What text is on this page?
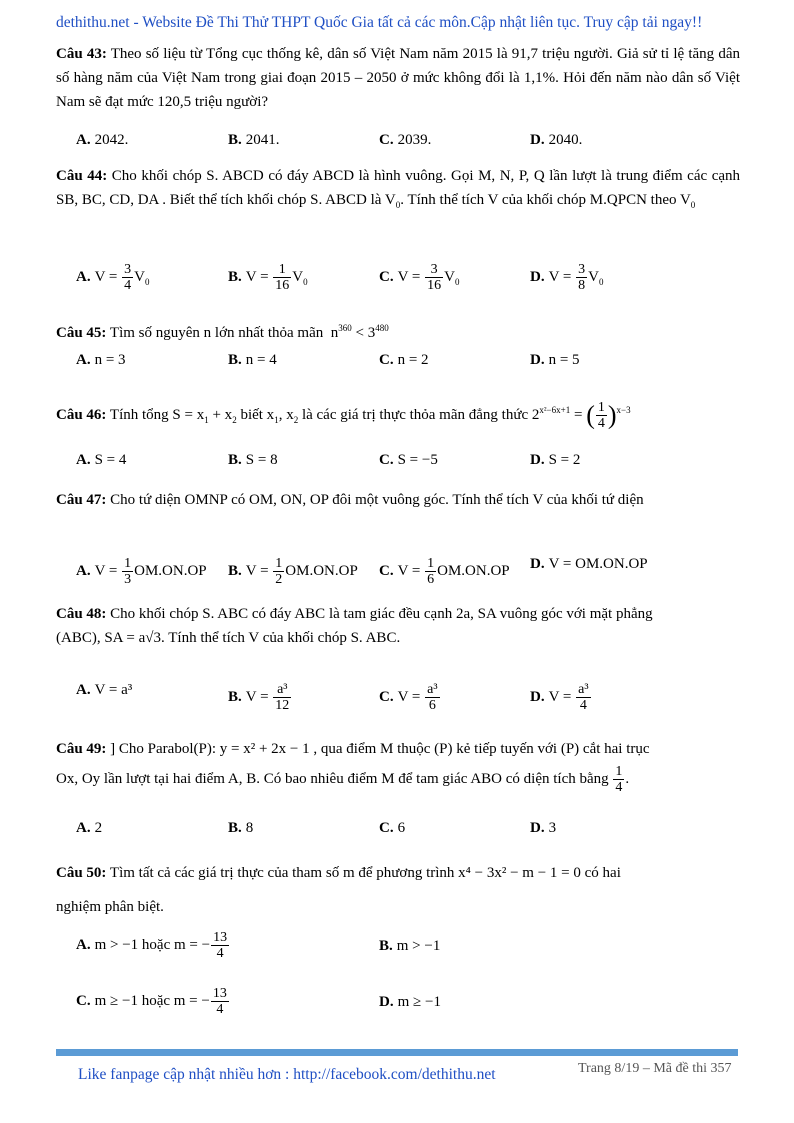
dethithu.net - Website Đề Thi Thử THPT Quốc Gia tất cả các môn.Cập nhật liên tục. Truy cập tải ngay!!
Câu 43: Theo số liệu từ Tổng cục thống kê, dân số Việt Nam năm 2015 là 91,7 triệu người. Giả sử tỉ lệ tăng dân số hàng năm của Việt Nam trong giai đoạn 2015 – 2050 ở mức không đổi là 1,1%. Hỏi đến năm nào dân số Việt Nam sẽ đạt mức 120,5 triệu người?
A. 2042.	B. 2041.	C. 2039.	D. 2040.
Câu 44: Cho khối chóp S. ABCD có đáy ABCD là hình vuông. Gọi M, N, P, Q lần lượt là trung điểm các cạnh SB, BC, CD, DA . Biết thể tích khối chóp S. ABCD là $V_0$. Tính thể tích V của khối chóp M.QPCN theo $V_0$
A. $V = \frac{3}{4} V_0$	B. $V = \frac{1}{16} V_0$	C. $V = \frac{3}{16} V_0$	D. $V = \frac{3}{8} V_0$
Câu 45: Tìm số nguyên n lớn nhất thỏa mãn  $n^{360} < 3^{480}$
A. n = 3	B. n = 4	C. n = 2	D. n = 5
Câu 46: Tính tổng $S = x_1 + x_2$ biết $x_1$, $x_2$ là các giá trị thực thỏa mãn đẳng thức $2^{x^2-6x+1}$ = ( $\frac{1}{4} )^{x-3}$
A. S = 4	B. S = 8	C. S = −5	D. S = 2
Câu 47: Cho tứ diện OMNP có OM, ON, OP đôi một vuông góc. Tính thể tích V của khối tứ diện
A. $V = \frac{1}{3} OM.ON.OP$ B. $V = \frac{1}{2} OM.ON.OP$ C. $V = \frac{1}{6} OM.ON.OP$ D. V = OM.ON.OP
Câu 48: Cho khối chóp S. ABC có đáy ABC là tam giác đều cạnh 2a, SA vuông góc với mặt phẳng
(ABC), SA = a√3. Tính thể tích V của khối chóp S. ABC.
A. V = a³	B. $V = \frac{\text{a³}}{12}$	C. $V = \frac{\text{a³}}{6}$	D. $V = \frac{\text{a³}}{4}$
Câu 49: ] Cho Parabol(P): y = x² + 2x − 1 , qua điểm M thuộc (P) kẻ tiếp tuyến với (P) cắt hai trục
Ox, Oy lần lượt tại hai điểm A, B. Có bao nhiêu điểm M để tam giác ABO có diện tích bằng $\frac{1}{4}$ .
A. 2	B. 8	C. 6	D. 3
Câu 50: Tìm tất cả các giá trị thực của tham số m để phương trình x⁴ − 3x² − m − 1 = 0 có hai
nghiệm phân biệt.
A. m > −1 hoặc m = − $\frac{13}{4}$	B. m > −1
C. m ≥ −1 hoặc m = − $\frac{13}{4}$	D. m ≥ −1
Like fanpage cập nhật nhiều hơn : http://facebook.com/dethithu.net	Trang 8/19 – Mã đề thi 357
